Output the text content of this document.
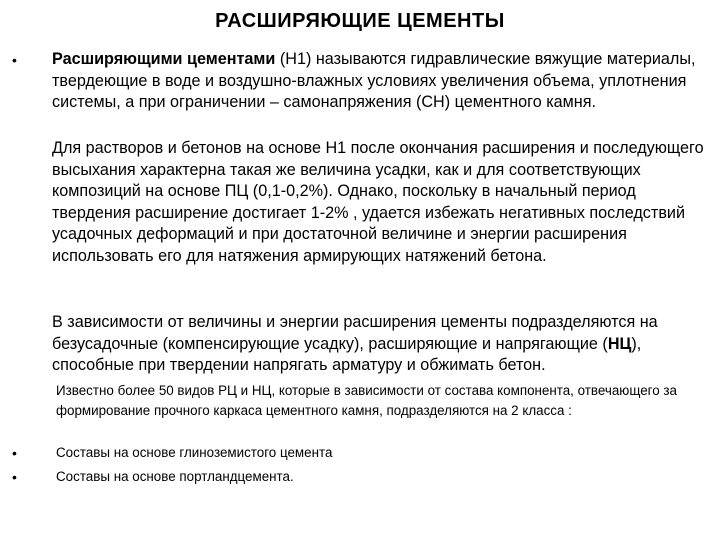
РАСШИРЯЮЩИЕ ЦЕМЕНТЫ
• Расширяющими цементами (Н1) называются гидравлические вяжущие материалы, твердеющие в воде и воздушно-влажных условиях увеличения объема, уплотнения системы, а при ограничении – самонапряжения (СН) цементного камня.
Для растворов и бетонов на основе Н1 после окончания расширения и последующего высыхания характерна такая же величина усадки, как и для соответствующих композиций на основе ПЦ (0,1-0,2%). Однако, поскольку в начальный период твердения расширение достигает 1-2% , удается избежать негативных последствий усадочных деформаций и при достаточной величине и энергии расширения использовать его для натяжения армирующих натяжений бетона.
В зависимости от величины и энергии расширения цементы подразделяются на безусадочные (компенсирующие усадку), расширяющие и напрягающие (НЦ), способные при твердении напрягать арматуру и обжимать бетон.
Известно более 50 видов РЦ и НЦ, которые в зависимости от состава компонента, отвечающего за формирование прочного каркаса цементного камня, подразделяются на 2 класса :
•	Составы на основе глиноземистого цемента
•	Составы на основе портландцемента.
